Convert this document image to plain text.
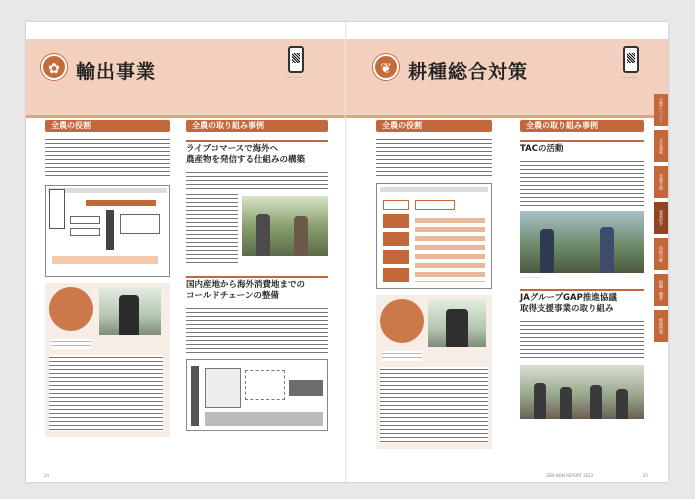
✿ 輸出事業	—— ———
全農の役割	全農の取り組み事例
ライブコマースで海外へ
農産物を発信する仕組みの構築
国内産地から海外消費地までの
コールドチェーンの整備
24
❦ 耕種総合対策	—— ———
全農の役割	全農の取り組み事例
TACの活動
——————
JAグループGAP推進協議
取得支援事業の取り組み
全農について
主な事業
営農支援
事業紹介
持続可能
組織・概要
財務情報
ZEN-NOH REPORT 2022	25
